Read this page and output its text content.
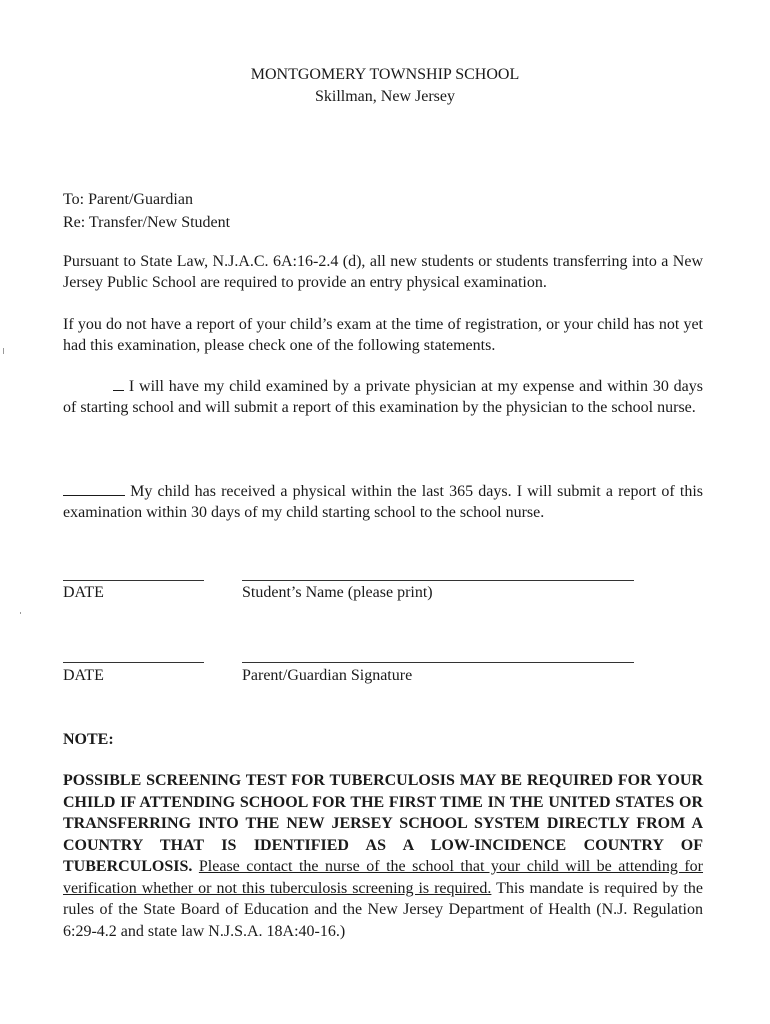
MONTGOMERY TOWNSHIP SCHOOL
Skillman, New Jersey
To: Parent/Guardian
Re: Transfer/New Student
Pursuant to State Law, N.J.A.C. 6A:16-2.4 (d), all new students or students transferring into a New Jersey Public School are required to provide an entry physical examination.
If you do not have a report of your child’s exam at the time of registration, or your child has not yet had this examination, please check one of the following statements.
I will have my child examined by a private physician at my expense and within 30 days of starting school and will submit a report of this examination by the physician to the school nurse.
My child has received a physical within the last 365 days. I will submit a report of this examination within 30 days of my child starting school to the school nurse.
DATE	Student’s Name (please print)
DATE	Parent/Guardian Signature
NOTE:
POSSIBLE SCREENING TEST FOR TUBERCULOSIS MAY BE REQUIRED FOR YOUR CHILD IF ATTENDING SCHOOL FOR THE FIRST TIME IN THE UNITED STATES OR TRANSFERRING INTO THE NEW JERSEY SCHOOL SYSTEM DIRECTLY FROM A COUNTRY THAT IS IDENTIFIED AS A LOW-INCIDENCE COUNTRY OF TUBERCULOSIS. Please contact the nurse of the school that your child will be attending for verification whether or not this tuberculosis screening is required. This mandate is required by the rules of the State Board of Education and the New Jersey Department of Health (N.J. Regulation 6:29-4.2 and state law N.J.S.A. 18A:40-16.)
